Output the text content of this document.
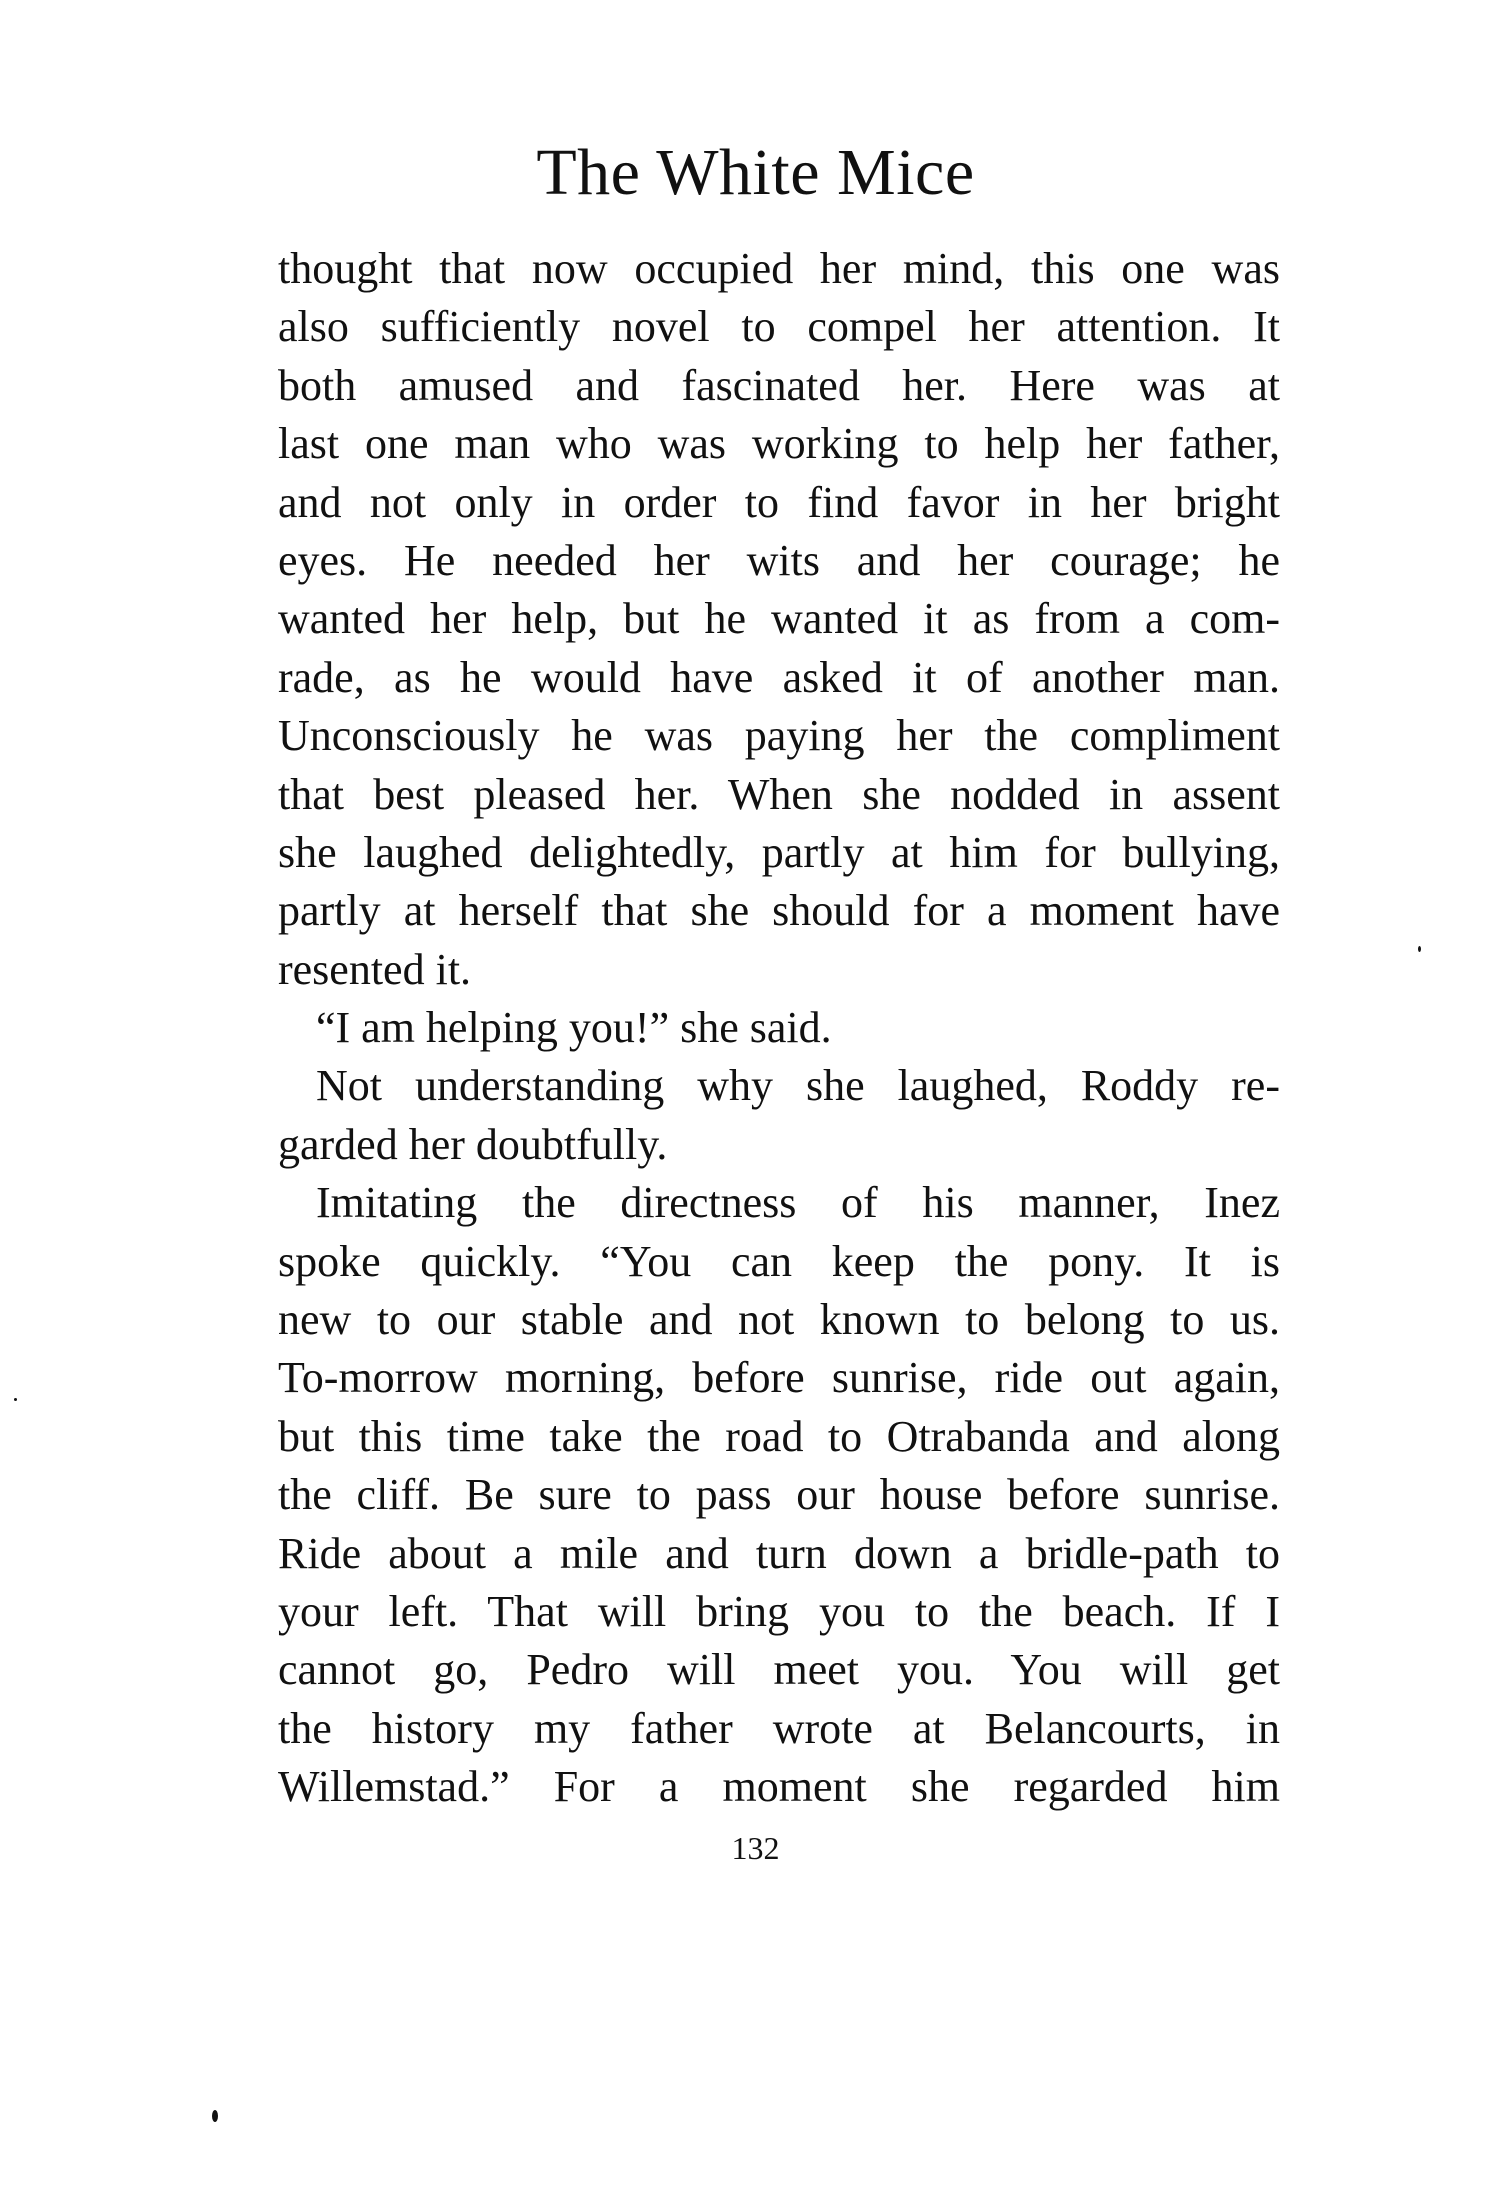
The White Mice
thought that now occupied her mind, this one was
also sufficiently novel to compel her attention. It
both amused and fascinated her. Here was at
last one man who was working to help her father,
and not only in order to find favor in her bright
eyes. He needed her wits and her courage; he
wanted her help, but he wanted it as from a com-
rade, as he would have asked it of another man.
Unconsciously he was paying her the compliment
that best pleased her. When she nodded in assent
she laughed delightedly, partly at him for bullying,
partly at herself that she should for a moment have
resented it.
“I am helping you!” she said.
Not understanding why she laughed, Roddy re-
garded her doubtfully.
Imitating the directness of his manner, Inez
spoke quickly. “You can keep the pony. It is
new to our stable and not known to belong to us.
To-morrow morning, before sunrise, ride out again,
but this time take the road to Otrabanda and along
the cliff. Be sure to pass our house before sunrise.
Ride about a mile and turn down a bridle-path to
your left. That will bring you to the beach. If I
cannot go, Pedro will meet you. You will get
the history my father wrote at Belancourts, in
Willemstad.” For a moment she regarded him
132
